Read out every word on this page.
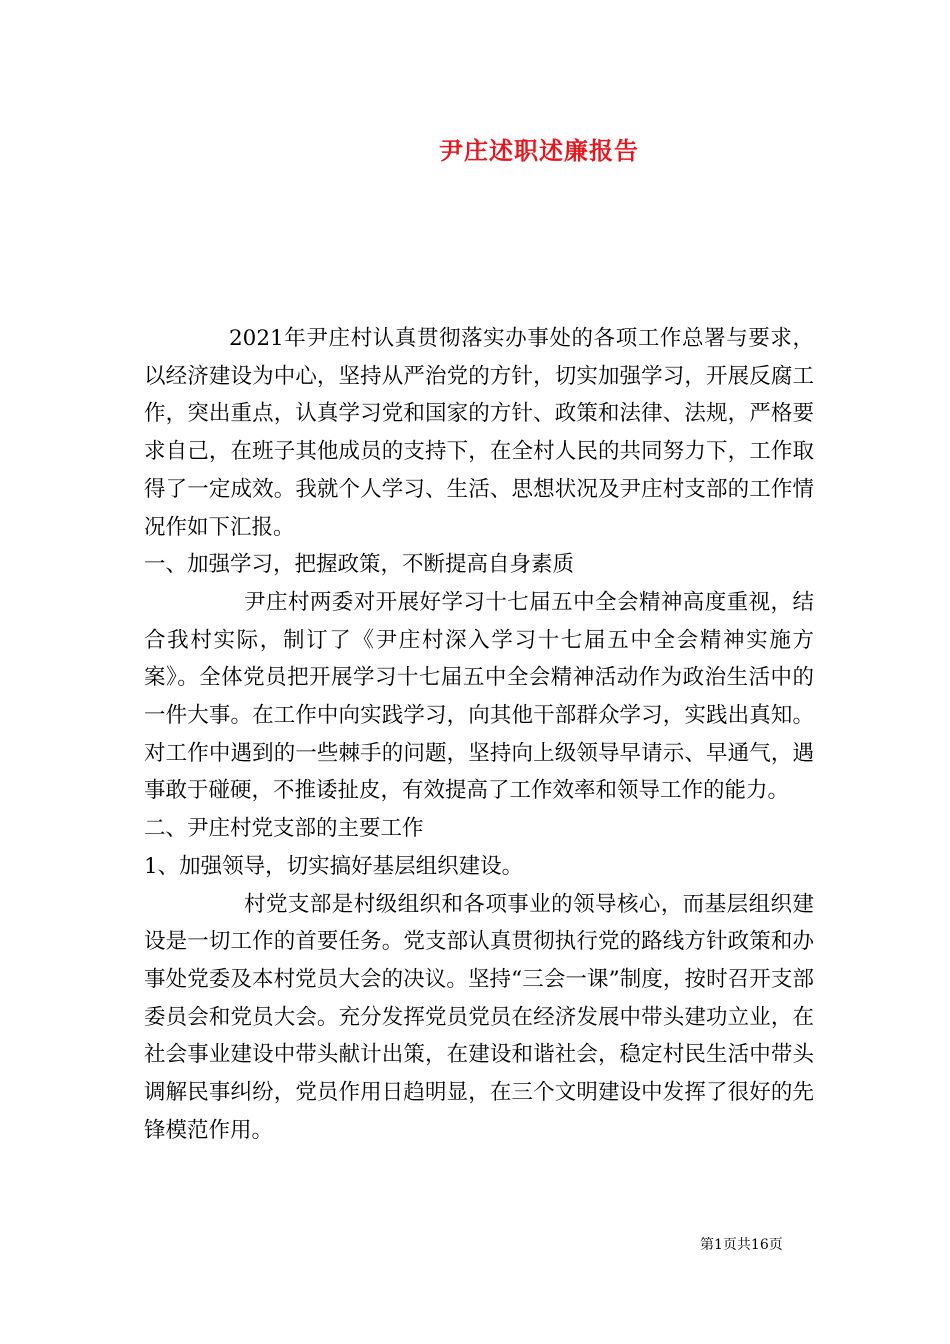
尹庄述职述廉报告

2021年尹庄村认真贯彻落实办事处的各项工作总署与要求，以经济建设为中心，坚持从严治党的方针，切实加强学习，开展反腐工作，突出重点，认真学习党和国家的方针、政策和法律、法规，严格要求自己，在班子其他成员的支持下，在全村人民的共同努力下，工作取得了一定成效。我就个人学习、生活、思想状况及尹庄村支部的工作情况作如下汇报。

一、加强学习，把握政策，不断提高自身素质

尹庄村两委对开展好学习十七届五中全会精神高度重视，结合我村实际，制订了《尹庄村深入学习十七届五中全会精神实施方案》。全体党员把开展学习十七届五中全会精神活动作为政治生活中的一件大事。在工作中向实践学习，向其他干部群众学习，实践出真知。对工作中遇到的一些棘手的问题，坚持向上级领导早请示、早通气，遇事敢于碰硬，不推诿扯皮，有效提高了工作效率和领导工作的能力。

二、尹庄村党支部的主要工作

1、加强领导，切实搞好基层组织建设。

村党支部是村级组织和各项事业的领导核心，而基层组织建设是一切工作的首要任务。党支部认真贯彻执行党的路线方针政策和办事处党委及本村党员大会的决议。坚持“三会一课”制度，按时召开支部委员会和党员大会。充分发挥党员党员在经济发展中带头建功立业，在社会事业建设中带头献计出策，在建设和谐社会，稳定村民生活中带头调解民事纠纷，党员作用日趋明显，在三个文明建设中发挥了很好的先锋模范作用。

第1页共16页
